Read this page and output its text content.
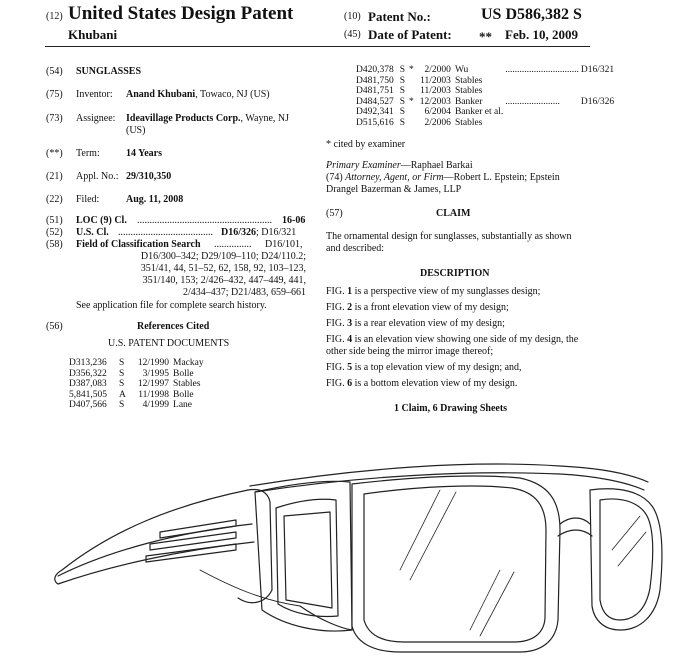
(12) United States Design Patent
Khubani
(10) Patent No.:	US D586,382 S
(45) Date of Patent: ** Feb. 10, 2009
(54) SUNGLASSES
(75) Inventor: Anand Khubani, Towaco, NJ (US)
(73) Assignee: Ideavillage Products Corp., Wayne, NJ
(US)
(**) Term:	14 Years
(21) Appl. No.: 29/310,350
(22) Filed:	Aug. 11, 2008
(51) LOC (9) Cl. ...................................................... 16-06
(52) U.S. Cl. ...................................... D16/326; D16/321
(58) Field of Classification Search ............... D16/101,
D16/300–342; D29/109–110; D24/110.2;
351/41, 44, 51–52, 62, 158, 92, 103–123,
351/140, 153; 2/426–432, 447–449, 441,
2/434–437; D21/483, 659–661
See application file for complete search history.
(56)	References Cited
U.S. PATENT DOCUMENTS
D313,236	S	12/1990	Mackay
D356,322	S	3/1995	Bolle
D387,083	S	12/1997	Stables
5,841,505	A	11/1998	Bolle
D407,566	S	4/1999	Lane
D420,378	S	*	2/2000	Wu	...............................	D16/321
D481,750	S		11/2003	Stables		
D481,751	S		11/2003	Stables		
D484,527	S	*	12/2003	Banker	.......................	D16/326
D492,341	S		6/2004	Banker et al.		
D515,616	S		2/2006	Stables		
* cited by examiner
Primary Examiner—Raphael Barkai
(74) Attorney, Agent, or Firm—Robert L. Epstein; Epstein
Drangel Bazerman & James, LLP
(57)	CLAIM
The ornamental design for sunglasses, substantially as shown
and described:
DESCRIPTION
FIG. 1 is a perspective view of my sunglasses design;
FIG. 2 is a front elevation view of my design;
FIG. 3 is a rear elevation view of my design;
FIG. 4 is an elevation view showing one side of my design, the other side being the mirror image thereof;
FIG. 5 is a top elevation view of my design; and,
FIG. 6 is a bottom elevation view of my design.
1 Claim, 6 Drawing Sheets
